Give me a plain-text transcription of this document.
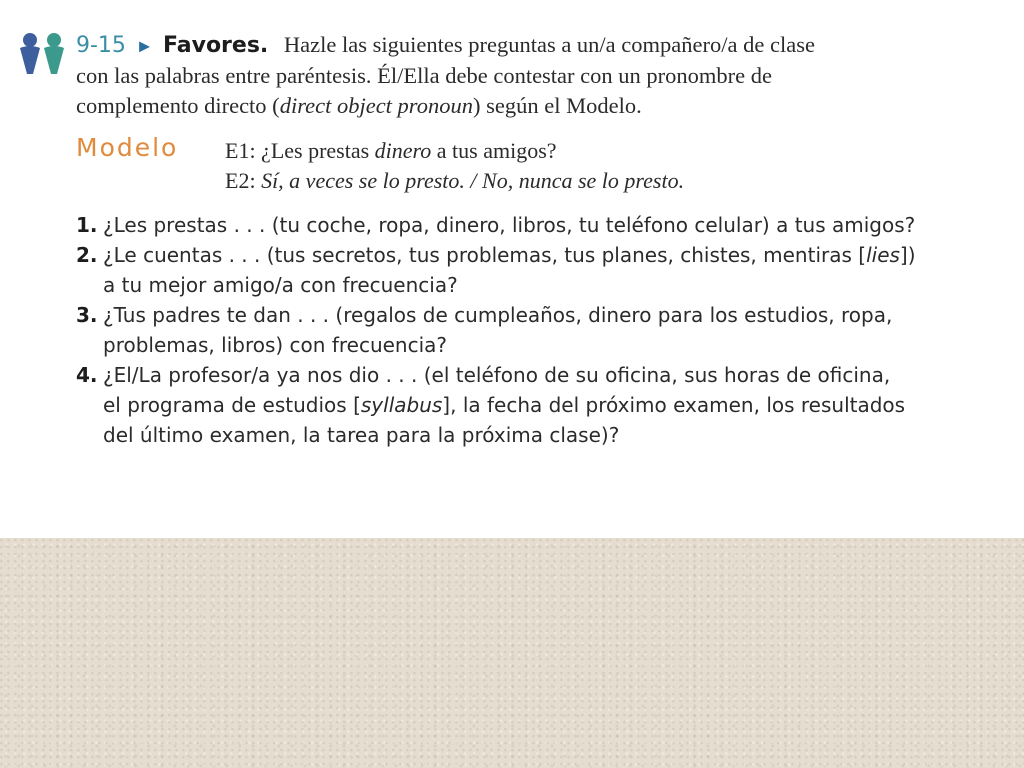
9-15 ► Favores. Hazle las siguientes preguntas a un/a compañero/a de clase
con las palabras entre paréntesis. Él/Ella debe contestar con un pronombre de
complemento directo (direct object pronoun) según el Modelo.
Modelo E1: ¿Les prestas dinero a tus amigos?
E2: Sí, a veces se lo presto. / No, nunca se lo presto.
1. ¿Les prestas . . . (tu coche, ropa, dinero, libros, tu teléfono celular) a tus amigos?
2. ¿Le cuentas . . . (tus secretos, tus problemas, tus planes, chistes, mentiras [lies])
a tu mejor amigo/a con frecuencia?
3. ¿Tus padres te dan . . . (regalos de cumpleaños, dinero para los estudios, ropa,
problemas, libros) con frecuencia?
4. ¿El/La profesor/a ya nos dio . . . (el teléfono de su oficina, sus horas de oficina,
el programa de estudios [syllabus], la fecha del próximo examen, los resultados
del último examen, la tarea para la próxima clase)?
